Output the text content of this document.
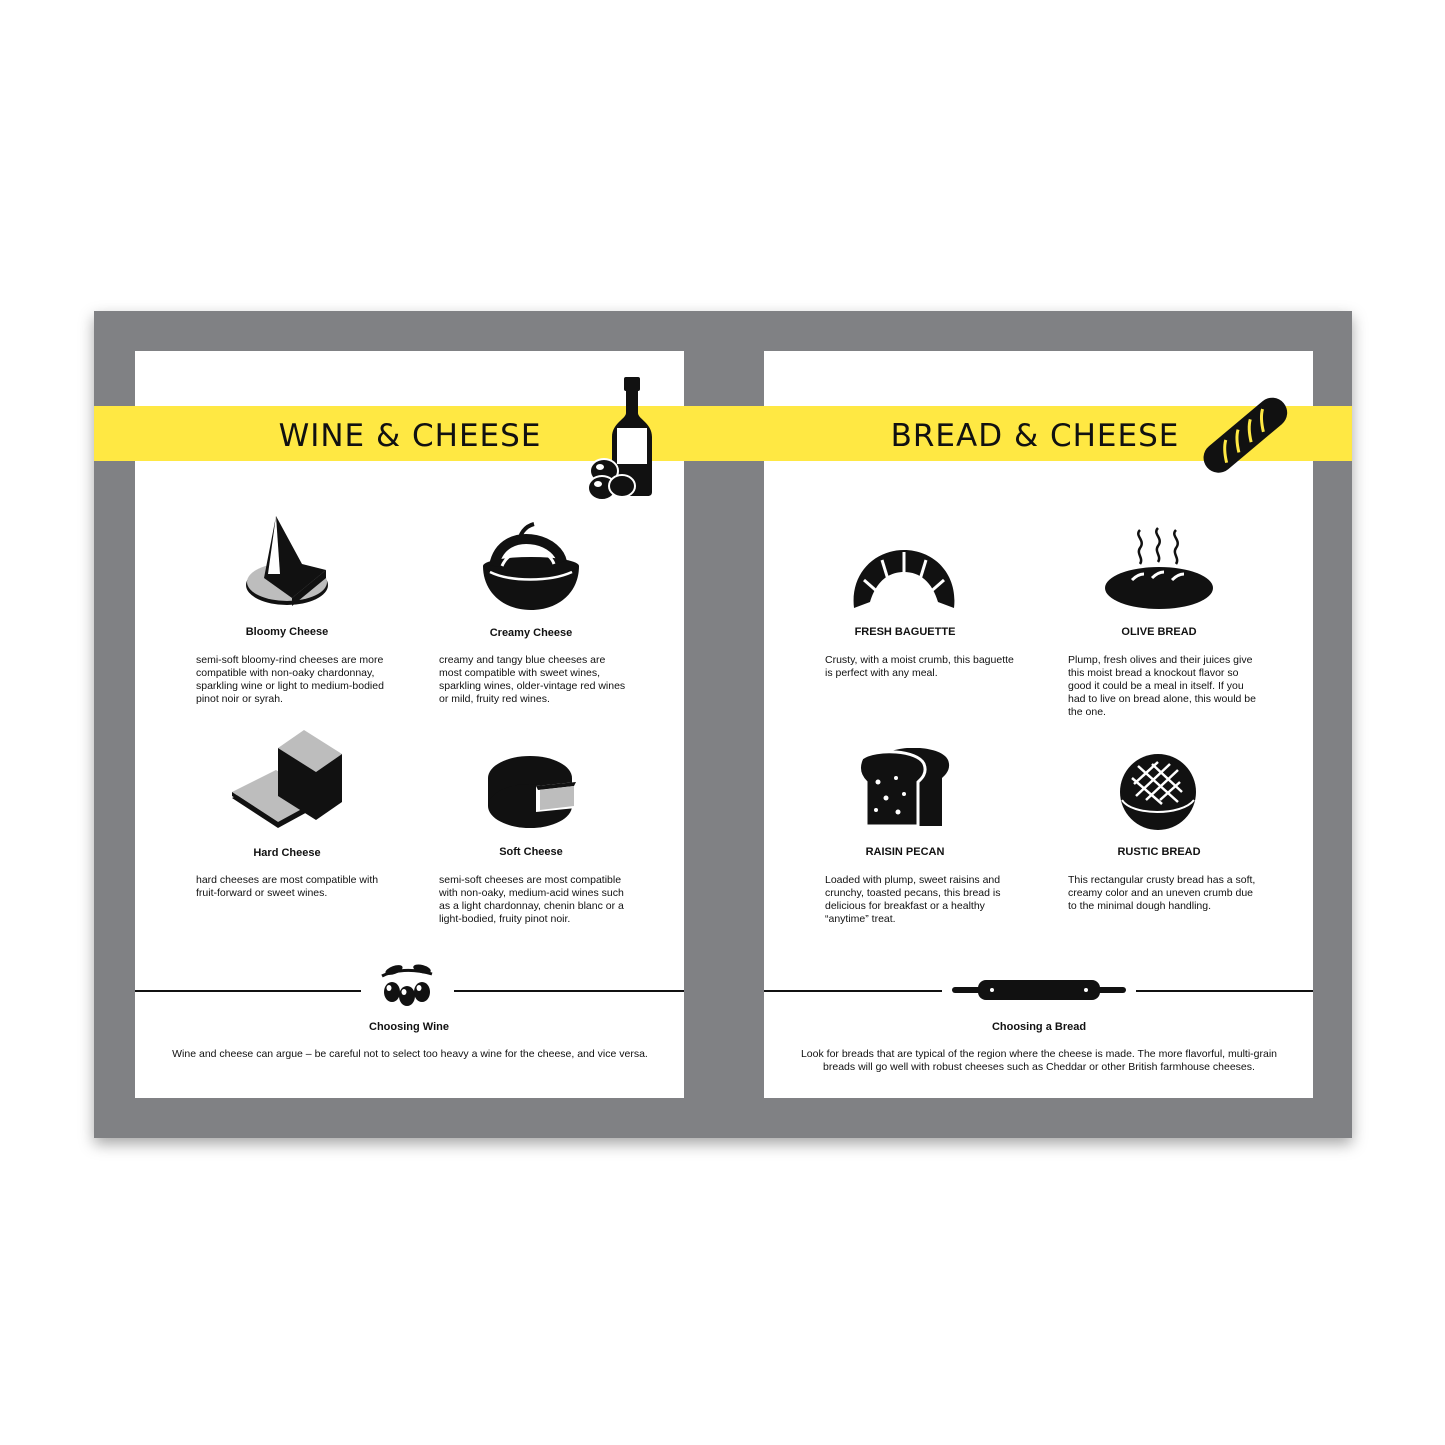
WINE & CHEESE
Bloomy Cheese
semi-soft bloomy-rind cheeses are more compatible with non-oaky chardonnay, sparkling wine or light to medium-bodied pinot noir or syrah.
Creamy Cheese
creamy and tangy blue cheeses are most compatible with sweet wines, sparkling wines, older-vintage red wines or mild, fruity red wines.
Hard Cheese
hard cheeses are most compatible with fruit-forward or sweet wines.
Soft Cheese
semi-soft cheeses are most compatible with non-oaky, medium-acid wines such as a light chardonnay, chenin blanc or a light-bodied, fruity pinot noir.
Choosing Wine
Wine and cheese can argue – be careful not to select too heavy a wine for the cheese, and vice versa.
BREAD & CHEESE
FRESH BAGUETTE
Crusty, with a moist crumb, this baguette is perfect with any meal.
OLIVE BREAD
Plump, fresh olives and their juices give this moist bread a knockout flavor so good it could be a meal in itself. If you had to live on bread alone, this would be the one.
RAISIN PECAN
Loaded with plump, sweet raisins and crunchy, toasted pecans, this bread is delicious for breakfast or a healthy “anytime” treat.
RUSTIC BREAD
This rectangular crusty bread has a soft, creamy color and an uneven crumb due to the minimal dough handling.
Choosing a Bread
Look for breads that are typical of the region where the cheese is made. The more flavorful, multi-grain breads will go well with robust cheeses such as Cheddar or other British farmhouse cheeses.
